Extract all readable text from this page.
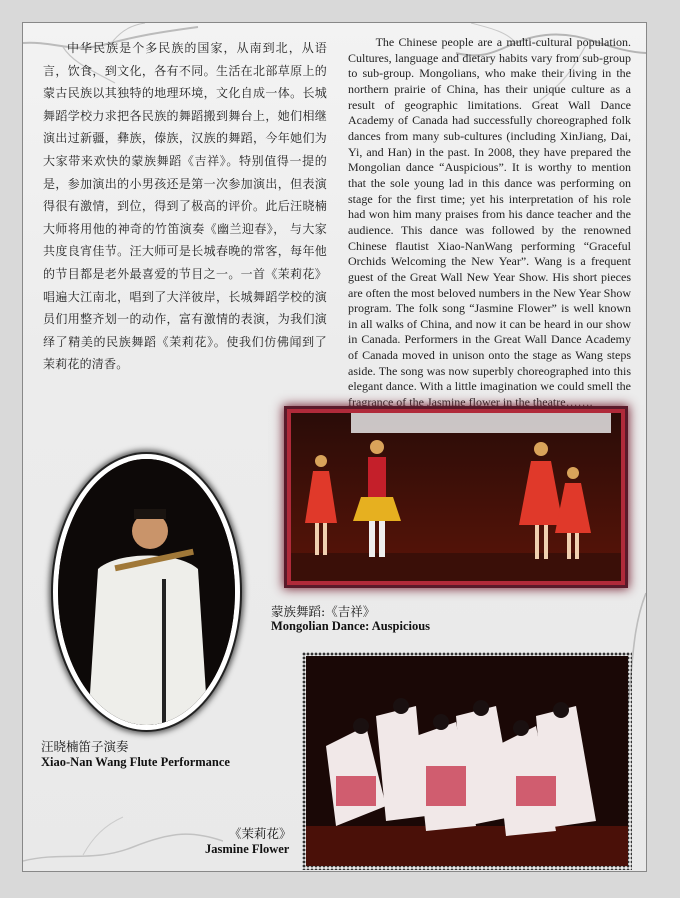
中华民族是个多民族的国家，从南到北，从语言，饮食，到文化，各有不同。生活在北部草原上的蒙古民族以其独特的地理环境，文化自成一体。长城舞蹈学校力求把各民族的舞蹈搬到舞台上，她们相继演出过新疆，彝族，傣族，汉族的舞蹈，今年她们为大家带来欢快的蒙族舞蹈《吉祥》。特别值得一提的是，参加演出的小男孩还是第一次参加演出，但表演得很有激情，到位，得到了极高的评价。此后汪晓楠大师将用他的神奇的竹笛演奏《幽兰迎春》， 与大家共度良宵佳节。汪大师可是长城春晚的常客，每年他的节目都是老外最喜爱的节目之一。一首《茉莉花》唱遍大江南北，唱到了大洋彼岸，长城舞蹈学校的演员们用整齐划一的动作，富有激情的表演，为我们演绎了精美的民族舞蹈《茉莉花》。使我们仿佛闻到了茉莉花的清香。

The Chinese people are a multi-cultural population. Cultures, language and dietary habits vary from sub-group to sub-group. Mongolians, who make their living in the northern prairie of China, has their unique culture as a result of geographic limitations. Great Wall Dance Academy of Canada had successfully choreographed folk dances from many sub-cultures (including XinJiang, Dai, Yi, and Han) in the past. In 2008, they have prepared the Mongolian dance “Auspicious”. It is worthy to mention that the sole young lad in this dance was performing on stage for the first time; yet his interpretation of his role had won him many praises from his dance teacher and the audience. This dance was followed by the renowned Chinese flautist Xiao-NanWang performing “Graceful Orchids Welcoming the New Year”. Wang is a frequent guest of the Great Wall New Year Show. His short pieces are often the most beloved numbers in the New Year Show program. The folk song “Jasmine Flower” is well known in all walks of China, and now it can be heard in our show in Canada. Performers in the Great Wall Dance Academy of Canada moved in unison onto the stage as Wang steps aside. The song was now superbly choreographed into this elegant dance. With a little imagination we could smell the fragrance of the Jasmine flower in the theatre…….

蒙族舞蹈:《吉祥》
Mongolian Dance: Auspicious
汪晓楠笛子演奏
Xiao-Nan Wang Flute Performance
《茉莉花》
Jasmine Flower
